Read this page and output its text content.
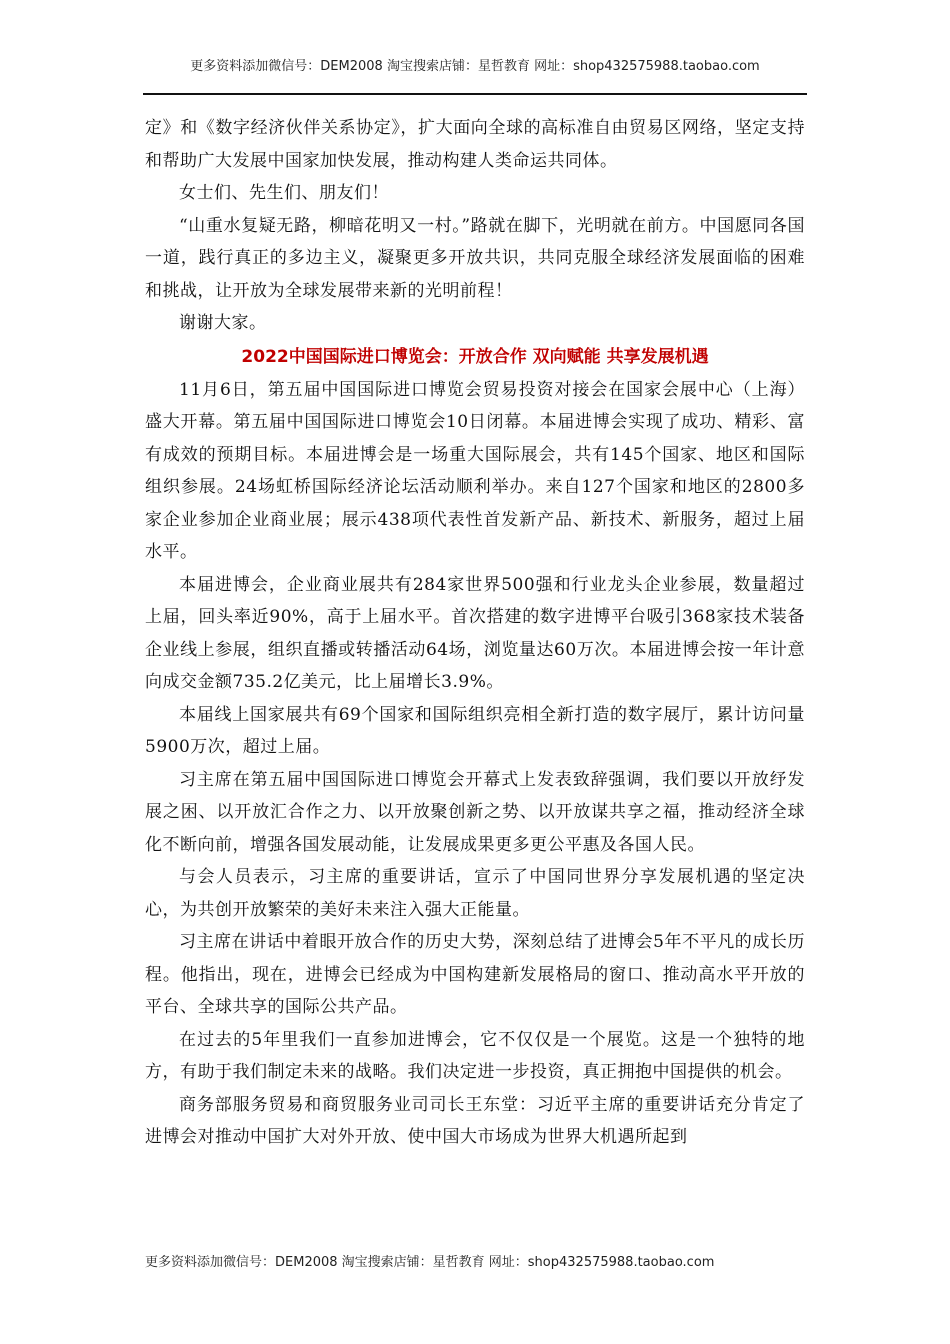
更多资料添加微信号：DEM2008 淘宝搜索店铺：星哲教育 网址：shop432575988.taobao.com

定》和《数字经济伙伴关系协定》，扩大面向全球的高标准自由贸易区网络，坚定支持和帮助广大发展中国家加快发展，推动构建人类命运共同体。

女士们、先生们、朋友们！

“山重水复疑无路，柳暗花明又一村。”路就在脚下，光明就在前方。中国愿同各国一道，践行真正的多边主义，凝聚更多开放共识，共同克服全球经济发展面临的困难和挑战，让开放为全球发展带来新的光明前程！

谢谢大家。

2022中国国际进口博览会：开放合作 双向赋能 共享发展机遇

11月6日，第五届中国国际进口博览会贸易投资对接会在国家会展中心（上海）盛大开幕。第五届中国国际进口博览会10日闭幕。本届进博会实现了成功、精彩、富有成效的预期目标。本届进博会是一场重大国际展会，共有145个国家、地区和国际组织参展。24场虹桥国际经济论坛活动顺利举办。来自127个国家和地区的2800多家企业参加企业商业展；展示438项代表性首发新产品、新技术、新服务，超过上届水平。

本届进博会，企业商业展共有284家世界500强和行业龙头企业参展，数量超过上届，回头率近90%，高于上届水平。首次搭建的数字进博平台吸引368家技术装备企业线上参展，组织直播或转播活动64场，浏览量达60万次。本届进博会按一年计意向成交金额735.2亿美元，比上届增长3.9%。

本届线上国家展共有69个国家和国际组织亮相全新打造的数字展厅，累计访问量5900万次，超过上届。

习主席在第五届中国国际进口博览会开幕式上发表致辞强调，我们要以开放纾发展之困、以开放汇合作之力、以开放聚创新之势、以开放谋共享之福，推动经济全球化不断向前，增强各国发展动能，让发展成果更多更公平惠及各国人民。

与会人员表示，习主席的重要讲话，宣示了中国同世界分享发展机遇的坚定决心，为共创开放繁荣的美好未来注入强大正能量。

习主席在讲话中着眼开放合作的历史大势，深刻总结了进博会5年不平凡的成长历程。他指出，现在，进博会已经成为中国构建新发展格局的窗口、推动高水平开放的平台、全球共享的国际公共产品。

在过去的5年里我们一直参加进博会，它不仅仅是一个展览。这是一个独特的地方，有助于我们制定未来的战略。我们决定进一步投资，真正拥抱中国提供的机会。

商务部服务贸易和商贸服务业司司长王东堂：习近平主席的重要讲话充分肯定了进博会对推动中国扩大对外开放、使中国大市场成为世界大机遇所起到

更多资料添加微信号：DEM2008 淘宝搜索店铺：星哲教育 网址：shop432575988.taobao.com
